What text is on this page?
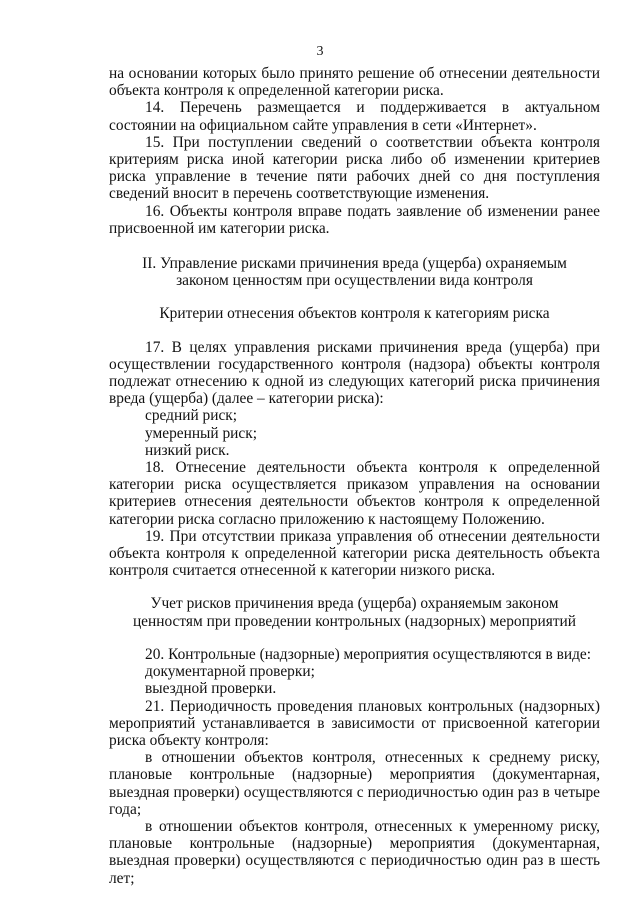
3

на основании которых было принято решение об отнесении деятельности объекта контроля к определенной категории риска.

14. Перечень размещается и поддерживается в актуальном состоянии на официальном сайте управления в сети «Интернет».

15. При поступлении сведений о соответствии объекта контроля критериям риска иной категории риска либо об изменении критериев риска управление в течение пяти рабочих дней со дня поступления сведений вносит в перечень соответствующие изменения.

16. Объекты контроля вправе подать заявление об изменении ранее присвоенной им категории риска.

II. Управление рисками причинения вреда (ущерба) охраняемым законом ценностям при осуществлении вида контроля

Критерии отнесения объектов контроля к категориям риска

17. В целях управления рисками причинения вреда (ущерба) при осуществлении государственного контроля (надзора) объекты контроля подлежат отнесению к одной из следующих категорий риска причинения вреда (ущерба) (далее – категории риска):

средний риск;

умеренный риск;

низкий риск.

18. Отнесение деятельности объекта контроля к определенной категории риска осуществляется приказом управления на основании критериев отнесения деятельности объектов контроля к определенной категории риска согласно приложению к настоящему Положению.

19. При отсутствии приказа управления об отнесении деятельности объекта контроля к определенной категории риска деятельность объекта контроля считается отнесенной к категории низкого риска.

Учет рисков причинения вреда (ущерба) охраняемым законом ценностям при проведении контрольных (надзорных) мероприятий

20. Контрольные (надзорные) мероприятия осуществляются в виде:

документарной проверки;

выездной проверки.

21. Периодичность проведения плановых контрольных (надзорных) мероприятий устанавливается в зависимости от присвоенной категории риска объекту контроля:

в отношении объектов контроля, отнесенных к среднему риску, плановые контрольные (надзорные) мероприятия (документарная, выездная проверки) осуществляются с периодичностью один раз в четыре года;

в отношении объектов контроля, отнесенных к умеренному риску, плановые контрольные (надзорные) мероприятия (документарная, выездная проверки) осуществляются с периодичностью один раз в шесть лет;
